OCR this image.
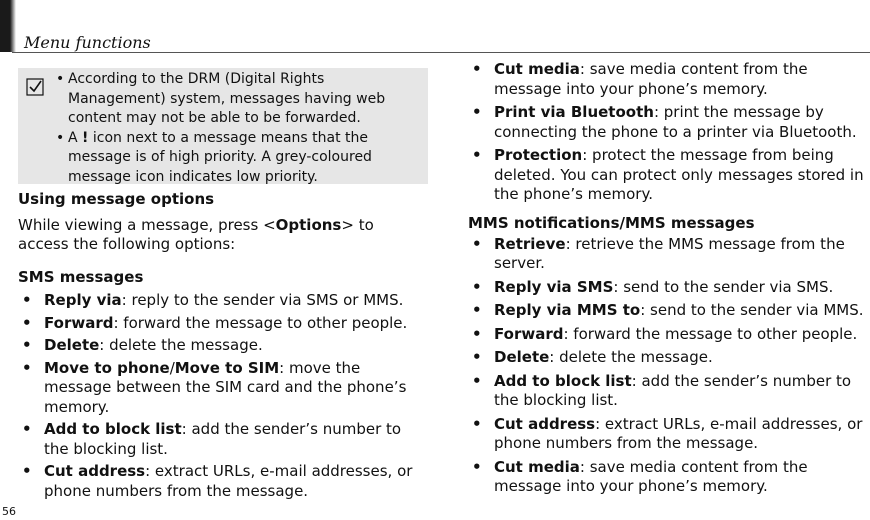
Menu functions
• According to the DRM (Digital Rights Management) system, messages having web content may not be able to be forwarded.
• A ! icon next to a message means that the message is of high priority. A grey-coloured message icon indicates low priority.
Using message options

While viewing a message, press <Options> to access the following options:

SMS messages
• Reply via: reply to the sender via SMS or MMS.
• Forward: forward the message to other people.
• Delete: delete the message.
• Move to phone/Move to SIM: move the message between the SIM card and the phone’s memory.
• Add to block list: add the sender’s number to the blocking list.
• Cut address: extract URLs, e-mail addresses, or phone numbers from the message.
• Cut media: save media content from the message into your phone’s memory.
• Print via Bluetooth: print the message by connecting the phone to a printer via Bluetooth.
• Protection: protect the message from being deleted. You can protect only messages stored in the phone’s memory.
MMS notifications/MMS messages
• Retrieve: retrieve the MMS message from the server.
• Reply via SMS: send to the sender via SMS.
• Reply via MMS to: send to the sender via MMS.
• Forward: forward the message to other people.
• Delete: delete the message.
• Add to block list: add the sender’s number to the blocking list.
• Cut address: extract URLs, e-mail addresses, or phone numbers from the message.
• Cut media: save media content from the message into your phone’s memory.
56
